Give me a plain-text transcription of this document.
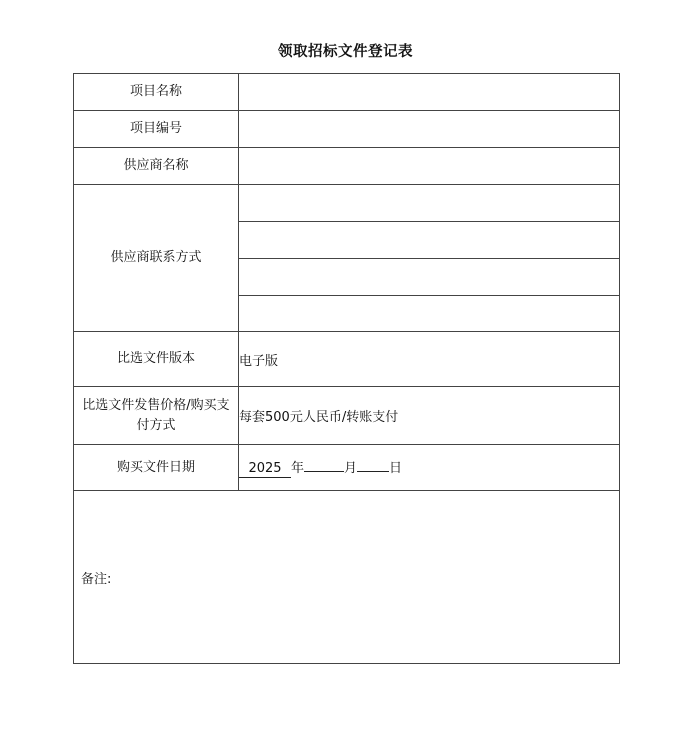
领取招标文件登记表
项目名称	
项目编号	
供应商名称	
供应商联系方式	

比选文件版本	电子版
比选文件发售价格/购买支付方式	每套500元人民币/转账支付
购买文件日期	2025 年 月 日

备注:	
